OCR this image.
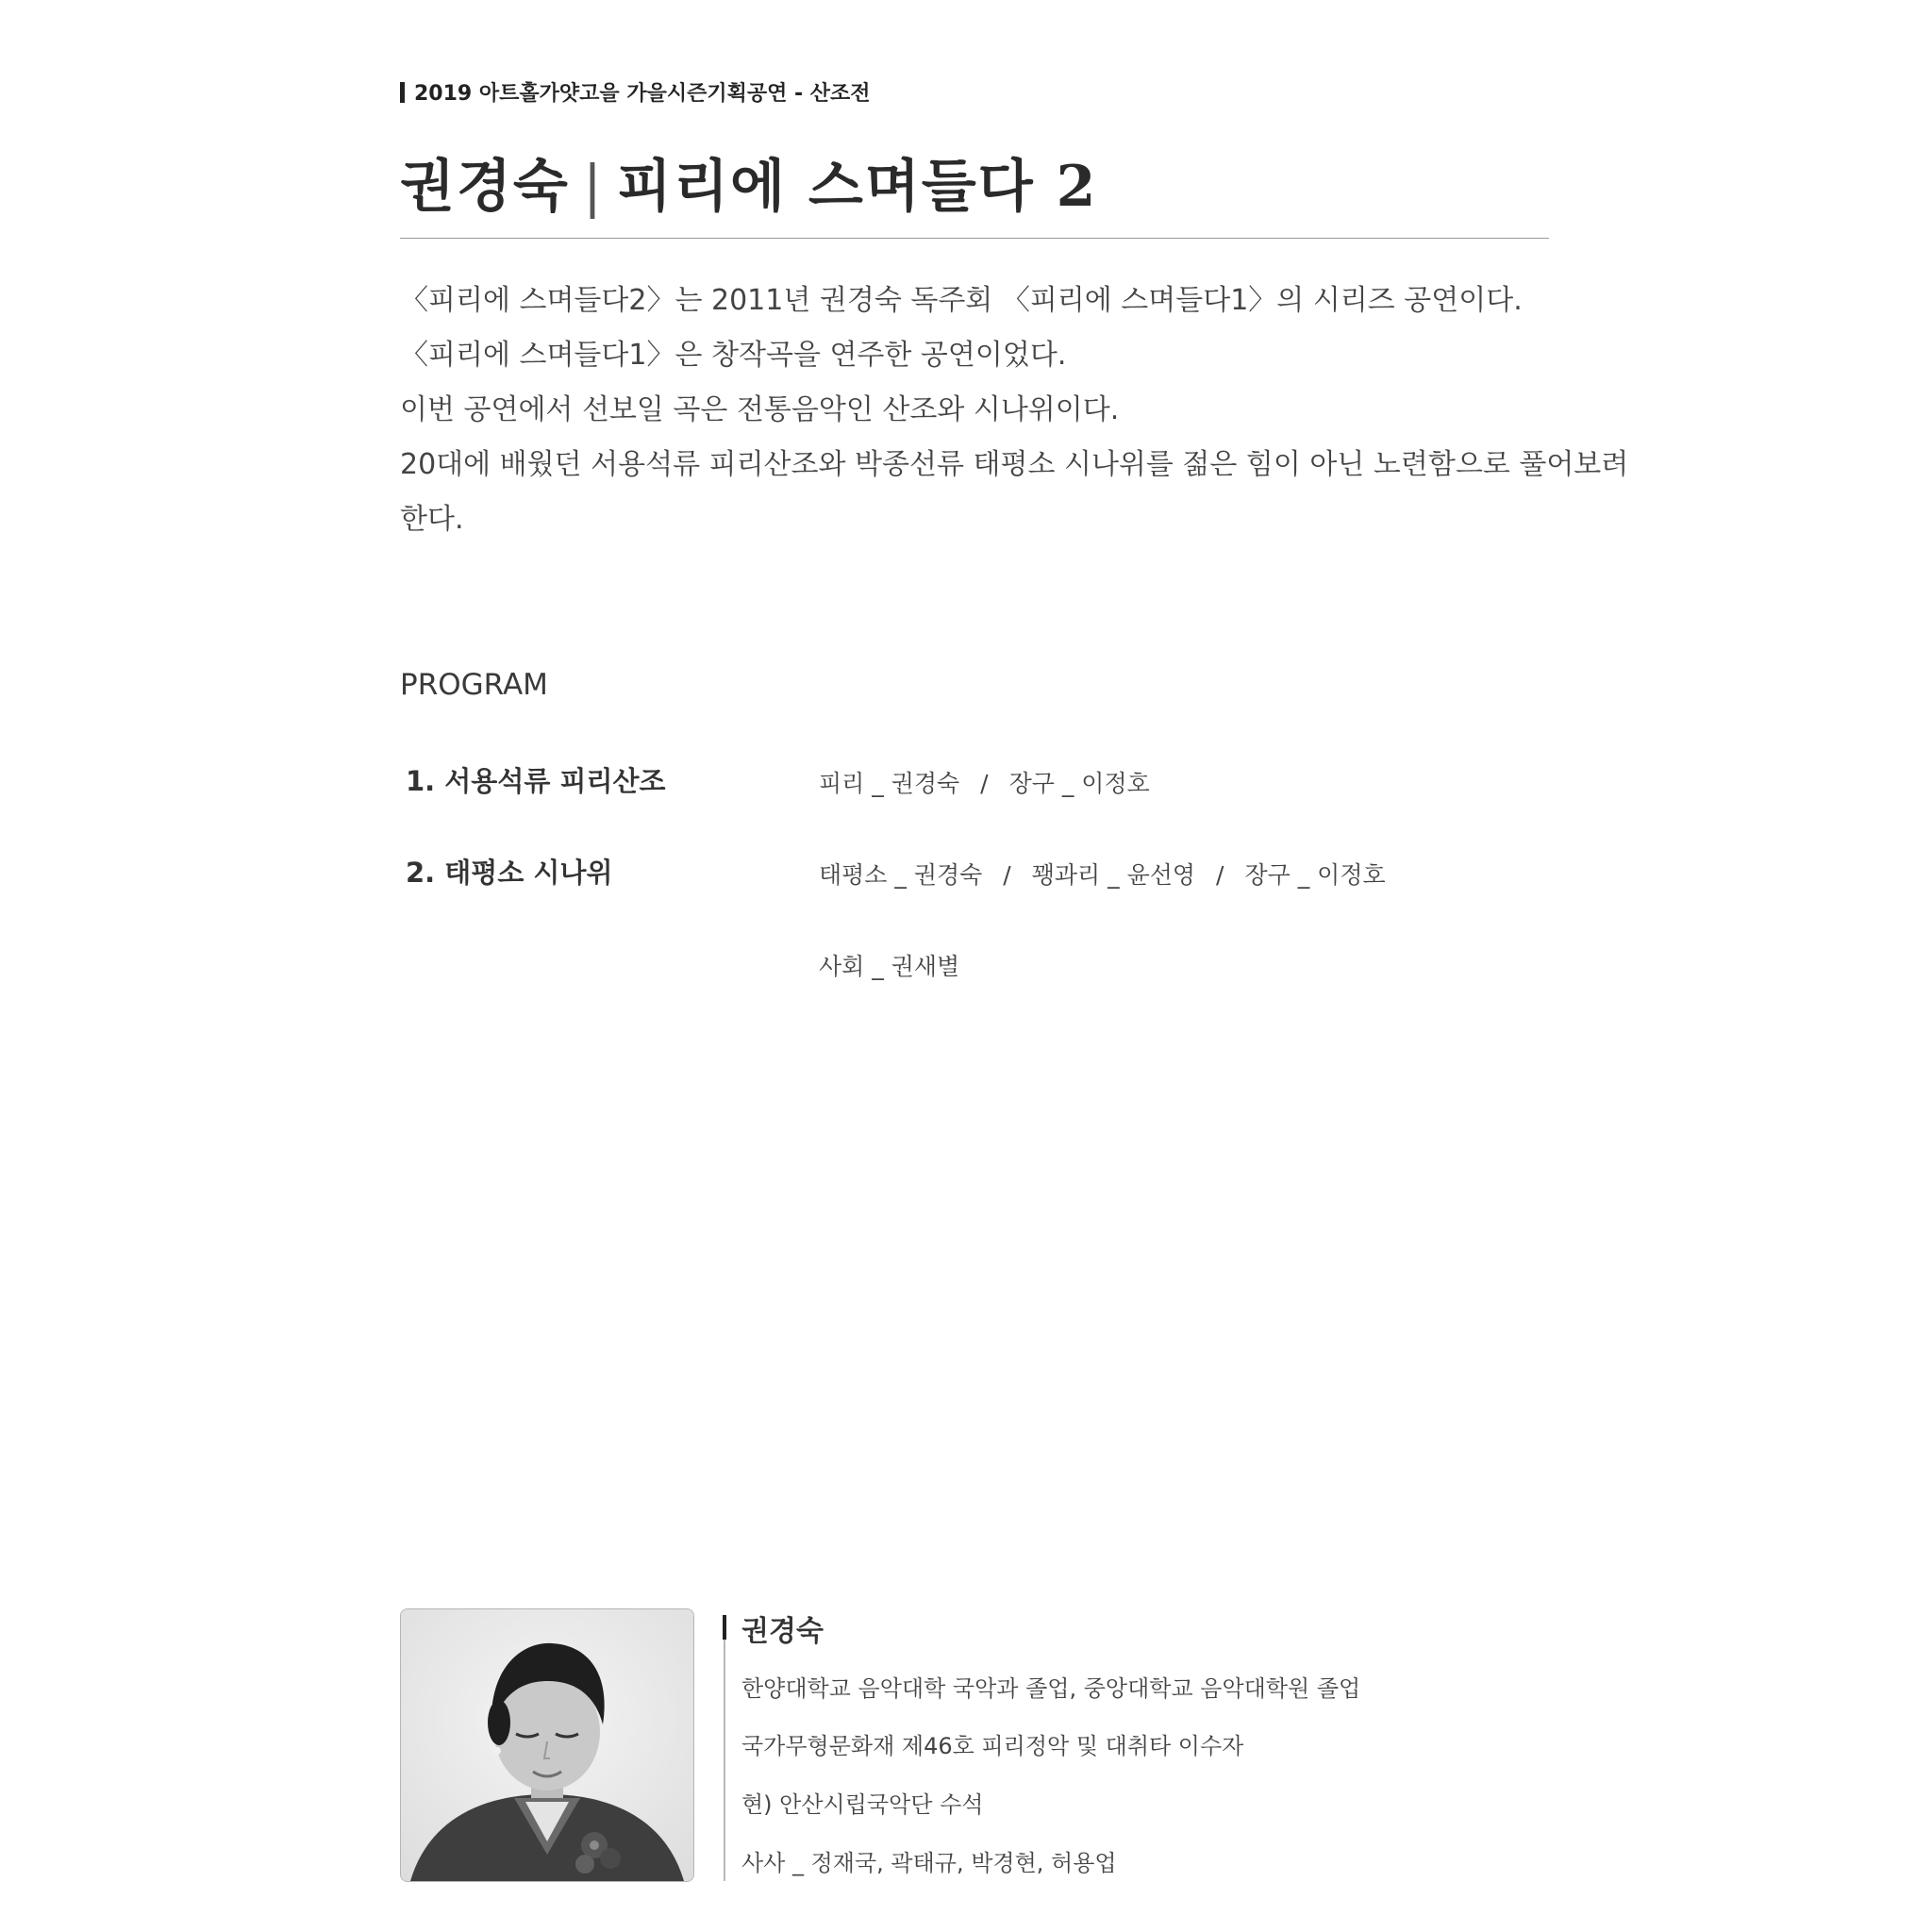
2019 아트홀가얏고을 가을시즌기획공연 - 산조전
권경숙 | 피리에 스며들다 2
〈피리에 스며들다2〉는 2011년 권경숙 독주회 〈피리에 스며들다1〉의 시리즈 공연이다.
〈피리에 스며들다1〉은 창작곡을 연주한 공연이었다.
이번 공연에서 선보일 곡은 전통음악인 산조와 시나위이다.
20대에 배웠던 서용석류 피리산조와 박종선류 태평소 시나위를 젊은 힘이 아닌 노련함으로 풀어보려
한다.
PROGRAM
1. 서용석류 피리산조	피리 _ 권경숙 / 장구 _ 이정호
2. 태평소 시나위	태평소 _ 권경숙 / 꽹과리 _ 윤선영 / 장구 _ 이정호
사회 _ 권새별
권경숙
한양대학교 음악대학 국악과 졸업, 중앙대학교 음악대학원 졸업
국가무형문화재 제46호 피리정악 및 대취타 이수자
현) 안산시립국악단 수석
사사 _ 정재국, 곽태규, 박경현, 허용업
